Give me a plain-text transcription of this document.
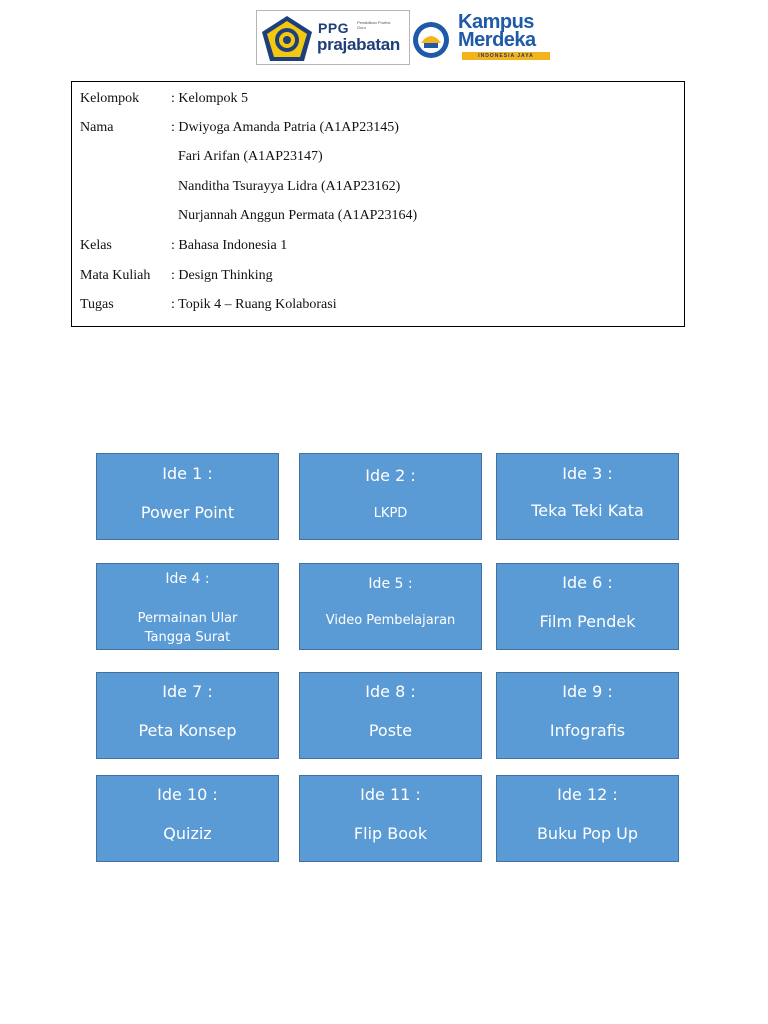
PPG Pendidikan Profesi Guru
prajabatan
Kampus
Merdeka
INDONESIA JAYA
Kelompok : Kelompok 5
Nama	: Dwiyoga Amanda Patria (A1AP23145)
Fari Arifan (A1AP23147)
Nanditha Tsurayya Lidra (A1AP23162)
Nurjannah Anggun Permata (A1AP23164)
Kelas	: Bahasa Indonesia 1
Mata Kuliah : Design Thinking
Tugas	: Topik 4 – Ruang Kolaborasi
Ide 1 :
Power Point
Ide 2 :
LKPD
Ide 3 :
Teka Teki Kata
Ide 4 :
Permainan Ular
Tangga Surat
Ide 5 :
Video Pembelajaran
Ide 6 :
Film Pendek
Ide 7 :
Peta Konsep
Ide 8 :
Poste
Ide 9 :
Infografis
Ide 10 :
Quiziz
Ide 11 :
Flip Book
Ide 12 :
Buku Pop Up
